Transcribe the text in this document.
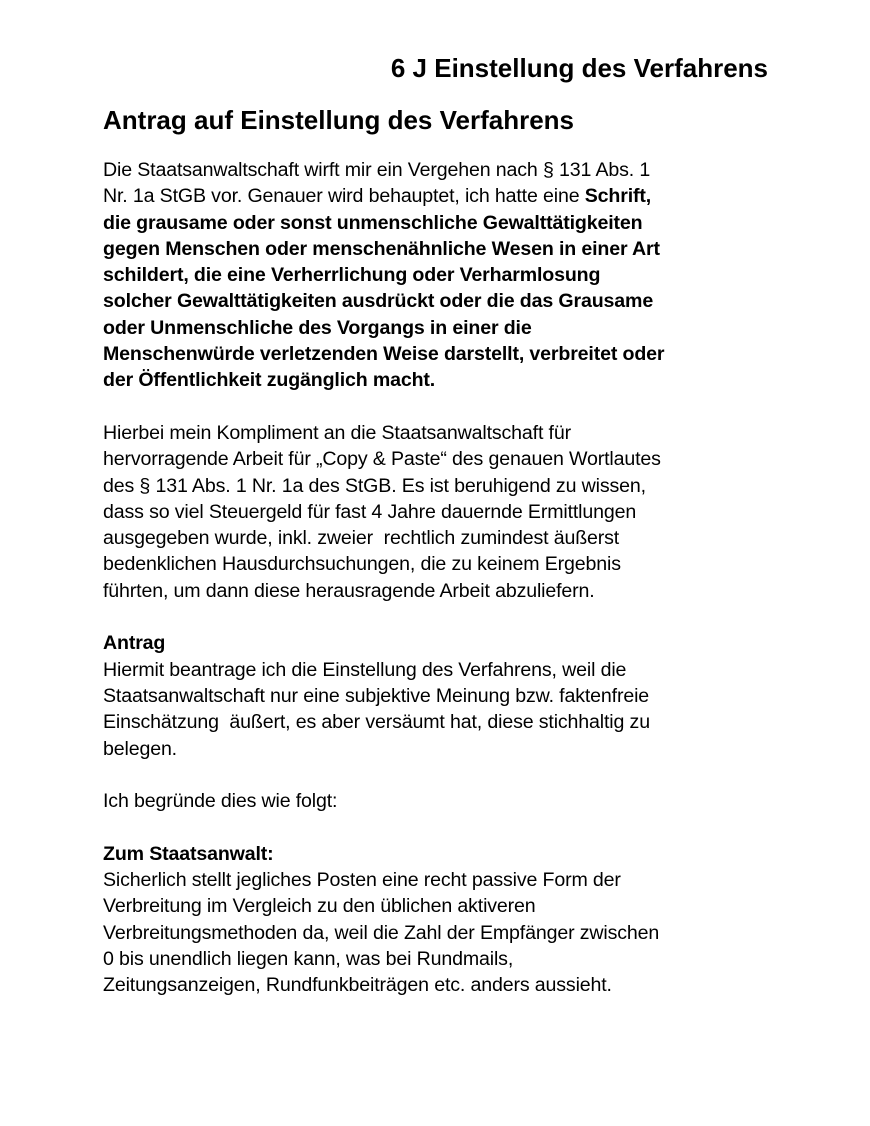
6 J Einstellung des Verfahrens
Antrag auf Einstellung des Verfahrens
Die Staatsanwaltschaft wirft mir ein Vergehen nach § 131 Abs. 1
Nr. 1a StGB vor. Genauer wird behauptet, ich hatte eine Schrift,
die grausame oder sonst unmenschliche Gewalttätigkeiten
gegen Menschen oder menschenähnliche Wesen in einer Art
schildert, die eine Verherrlichung oder Verharmlosung
solcher Gewalttätigkeiten ausdrückt oder die das Grausame
oder Unmenschliche des Vorgangs in einer die
Menschenwürde verletzenden Weise darstellt, verbreitet oder
der Öffentlichkeit zugänglich macht.
Hierbei mein Kompliment an die Staatsanwaltschaft für
hervorragende Arbeit für „Copy & Paste“ des genauen Wortlautes
des § 131 Abs. 1 Nr. 1a des StGB. Es ist beruhigend zu wissen,
dass so viel Steuergeld für fast 4 Jahre dauernde Ermittlungen
ausgegeben wurde, inkl. zweier  rechtlich zumindest äußerst
bedenklichen Hausdurchsuchungen, die zu keinem Ergebnis
führten, um dann diese herausragende Arbeit abzuliefern.
Antrag
Hiermit beantrage ich die Einstellung des Verfahrens, weil die
Staatsanwaltschaft nur eine subjektive Meinung bzw. faktenfreie
Einschätzung  äußert, es aber versäumt hat, diese stichhaltig zu
belegen.
Ich begründe dies wie folgt:
Zum Staatsanwalt:
Sicherlich stellt jegliches Posten eine recht passive Form der
Verbreitung im Vergleich zu den üblichen aktiveren
Verbreitungsmethoden da, weil die Zahl der Empfänger zwischen
0 bis unendlich liegen kann, was bei Rundmails,
Zeitungsanzeigen, Rundfunkbeiträgen etc. anders aussieht.
